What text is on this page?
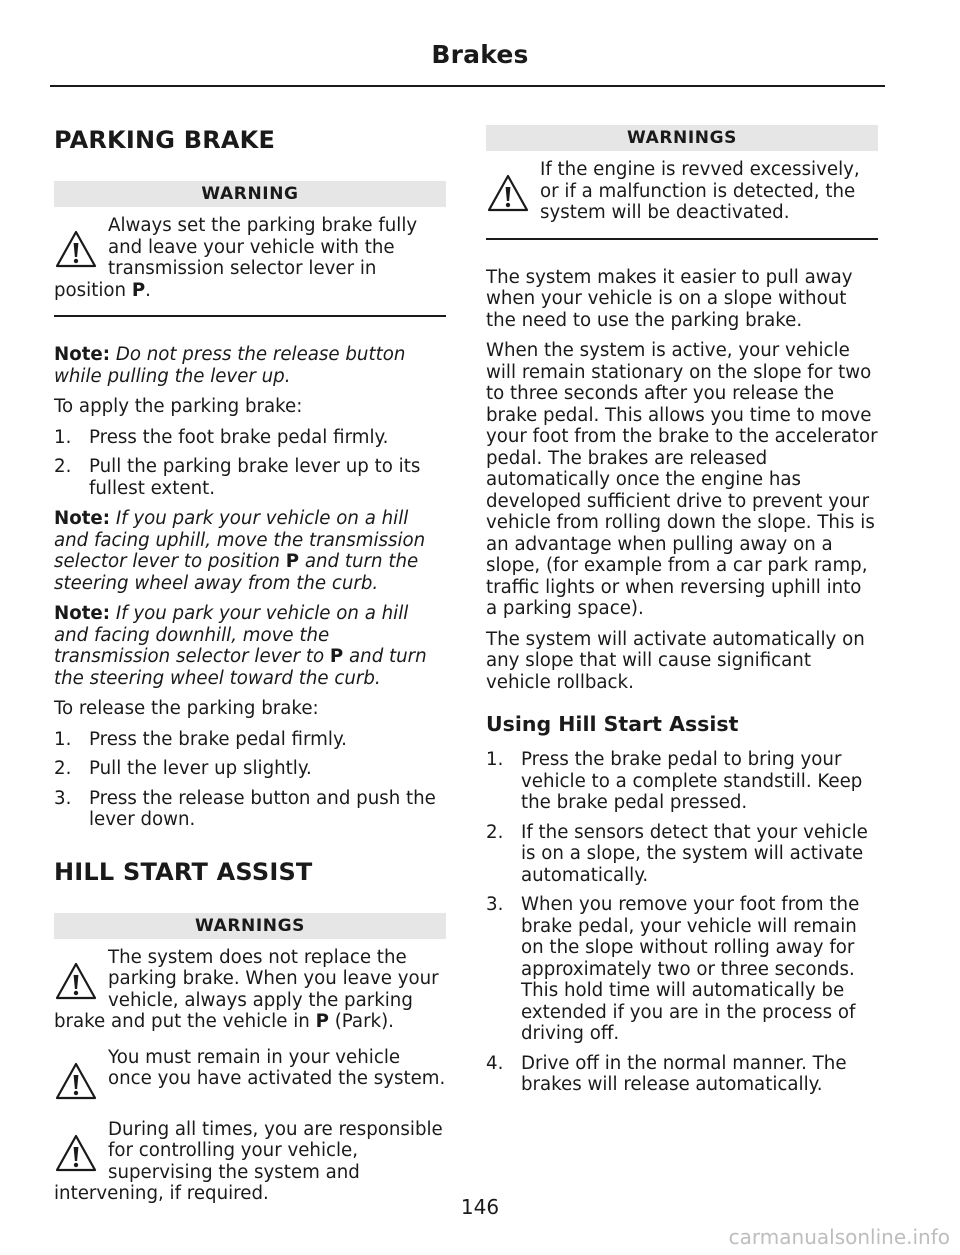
Brakes
PARKING BRAKE
WARNING
Always set the parking brake fully and leave your vehicle with the transmission selector lever in position P.

Note: Do not press the release button while pulling the lever up.

To apply the parking brake:

1. Press the foot brake pedal firmly.
2. Pull the parking brake lever up to its fullest extent.

Note: If you park your vehicle on a hill and facing uphill, move the transmission selector lever to position P and turn the steering wheel away from the curb.

Note: If you park your vehicle on a hill and facing downhill, move the transmission selector lever to P and turn the steering wheel toward the curb.

To release the parking brake:

1. Press the brake pedal firmly.
2. Pull the lever up slightly.
3. Press the release button and push the lever down.
HILL START ASSIST
WARNINGS
The system does not replace the parking brake. When you leave your vehicle, always apply the parking brake and put the vehicle in P (Park).
You must remain in your vehicle once you have activated the system.
During all times, you are responsible for controlling your vehicle, supervising the system and intervening, if required.
WARNINGS
If the engine is revved excessively, or if a malfunction is detected, the system will be deactivated.

The system makes it easier to pull away when your vehicle is on a slope without the need to use the parking brake.

When the system is active, your vehicle will remain stationary on the slope for two to three seconds after you release the brake pedal. This allows you time to move your foot from the brake to the accelerator pedal. The brakes are released automatically once the engine has developed sufficient drive to prevent your vehicle from rolling down the slope. This is an advantage when pulling away on a slope, (for example from a car park ramp, traffic lights or when reversing uphill into a parking space).

The system will activate automatically on any slope that will cause significant vehicle rollback.

Using Hill Start Assist
1. Press the brake pedal to bring your vehicle to a complete standstill. Keep the brake pedal pressed.
2. If the sensors detect that your vehicle is on a slope, the system will activate automatically.
3. When you remove your foot from the brake pedal, your vehicle will remain on the slope without rolling away for approximately two or three seconds. This hold time will automatically be extended if you are in the process of driving off.
4. Drive off in the normal manner. The brakes will release automatically.
146
carmanualsonline.info
